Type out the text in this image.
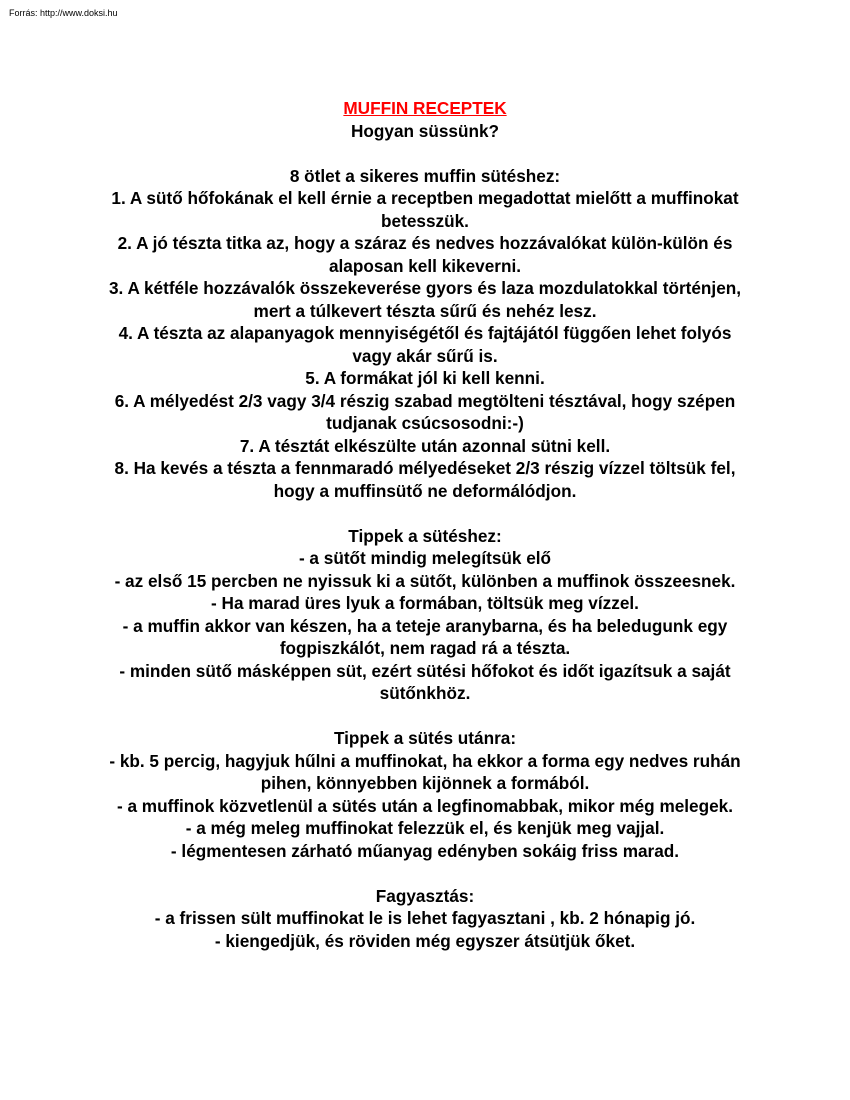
Forrás: http://www.doksi.hu
MUFFIN RECEPTEK
Hogyan süssünk?
8 ötlet a sikeres muffin sütéshez:
1. A sütő hőfokának el kell érnie a receptben megadottat mielőtt a muffinokat betesszük.
2. A jó tészta titka az, hogy a száraz és nedves hozzávalókat külön-külön és alaposan kell kikeverni.
3. A kétféle hozzávalók összekeverése gyors és laza mozdulatokkal történjen, mert a túlkevert tészta sűrű és nehéz lesz.
4. A tészta az alapanyagok mennyiségétől és fajtájától függően lehet folyós vagy akár sűrű is.
5. A formákat jól ki kell kenni.
6. A mélyedést 2/3 vagy 3/4 részig szabad megtölteni tésztával, hogy szépen tudjanak csúcsosodni:-)
7. A tésztát elkészülte után azonnal sütni kell.
8. Ha kevés a tészta a fennmaradó mélyedéseket 2/3 részig vízzel töltsük fel, hogy a muffinsütő ne deformálódjon.
Tippek a sütéshez:
- a sütőt mindig melegítsük elő
- az első 15 percben ne nyissuk ki a sütőt, különben a muffinok összeesnek.
- Ha marad üres lyuk a formában, töltsük meg vízzel.
- a muffin akkor van készen, ha a teteje aranybarna, és ha beledugunk egy fogpiszkálót, nem ragad rá a tészta.
- minden sütő másképpen süt, ezért sütési hőfokot és időt igazítsuk a saját sütőnkhöz.
Tippek a sütés utánra:
- kb. 5 percig, hagyjuk hűlni a muffinokat, ha ekkor a forma egy nedves ruhán pihen, könnyebben kijönnek a formából.
- a muffinok közvetlenül a sütés után a legfinomabbak, mikor még melegek.
- a még meleg muffinokat felezzük el, és kenjük meg vajjal.
- légmentesen zárható műanyag edényben sokáig friss marad.
Fagyasztás:
- a frissen sült muffinokat le is lehet fagyasztani , kb. 2 hónapig jó.
- kiengedjük, és röviden még egyszer átsütjük őket.
